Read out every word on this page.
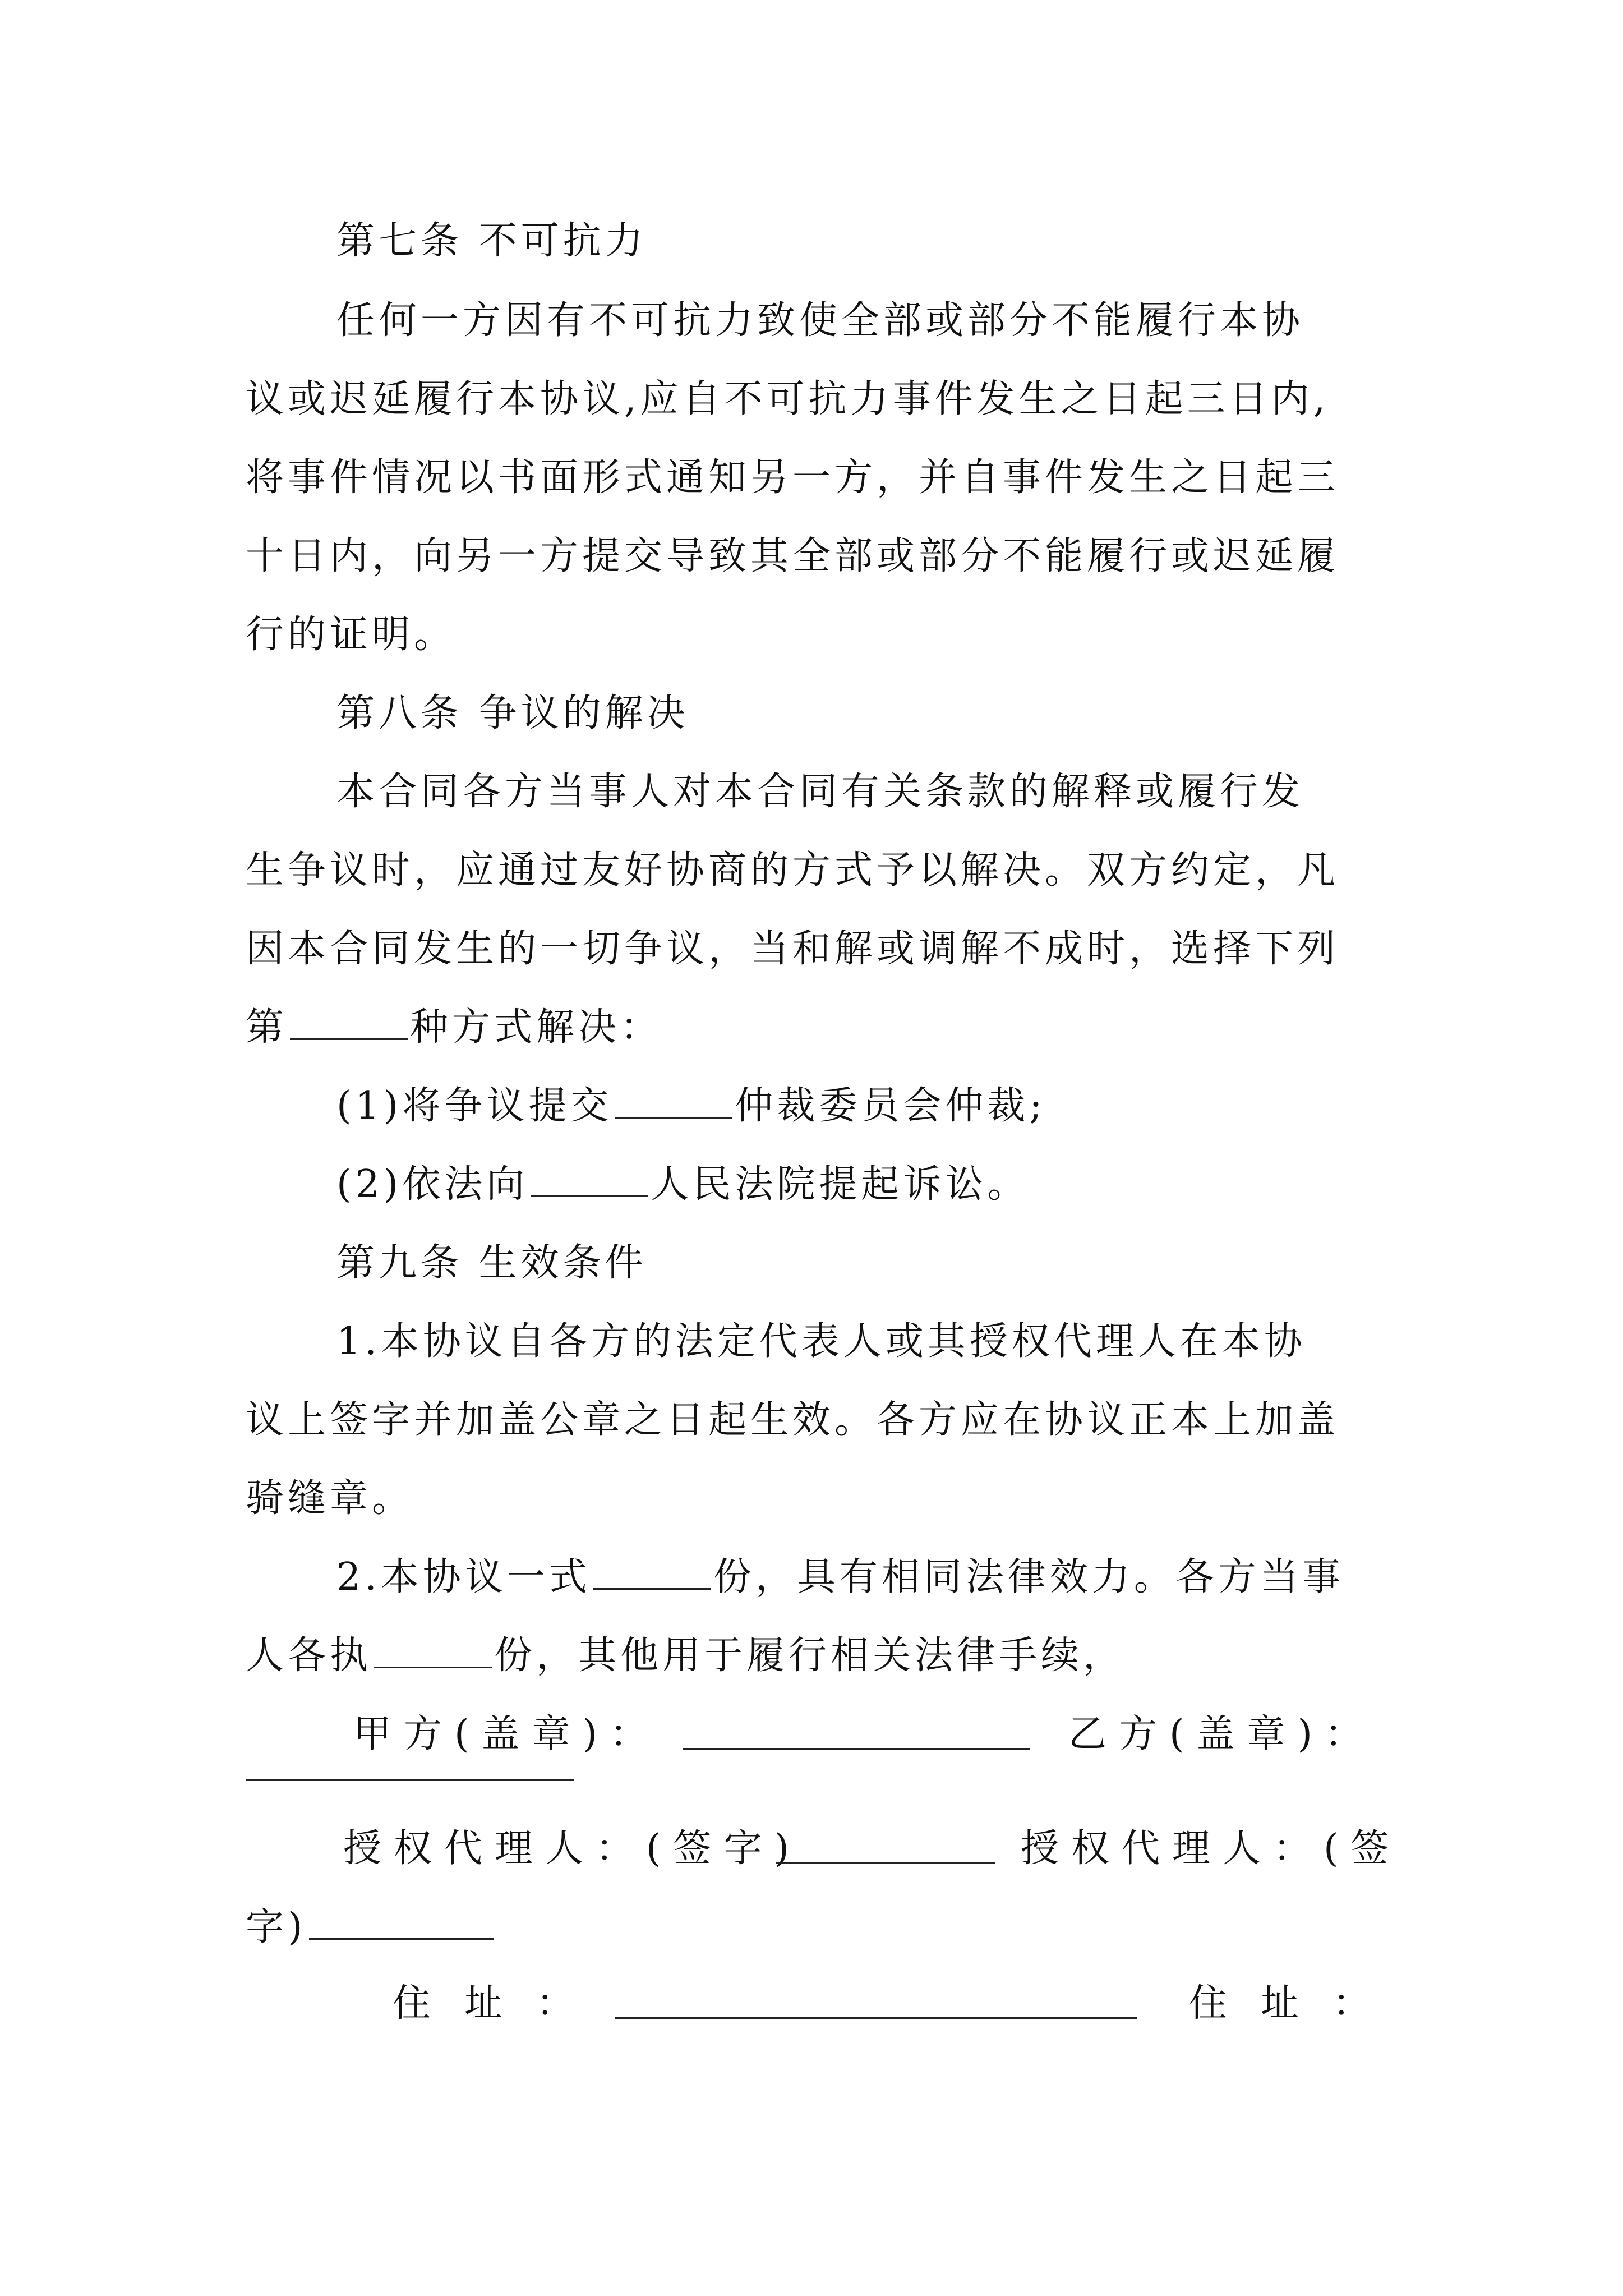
第七条 不可抗力
任何一方因有不可抗力致使全部或部分不能履行本协
议或迟延履行本协议,应自不可抗力事件发生之日起三日内,
将事件情况以书面形式通知另一方，并自事件发生之日起三
十日内，向另一方提交导致其全部或部分不能履行或迟延履
行的证明。
第八条 争议的解决
本合同各方当事人对本合同有关条款的解释或履行发
生争议时，应通过友好协商的方式予以解决。双方约定，凡
因本合同发生的一切争议，当和解或调解不成时，选择下列
第	种方式解决：
(1)将争议提交	仲裁委员会仲裁;
(2)依法向	人民法院提起诉讼。
第九条 生效条件
1.本协议自各方的法定代表人或其授权代理人在本协
议上签字并加盖公章之日起生效。各方应在协议正本上加盖
骑缝章。
2.本协议一式	份，具有相同法律效力。各方当事
人各执	份，其他用于履行相关法律手续，
甲方(盖章)：	乙方(盖章)：
授权代理人：(签字)	授权代理人：(签
字)
住址：	住址：
